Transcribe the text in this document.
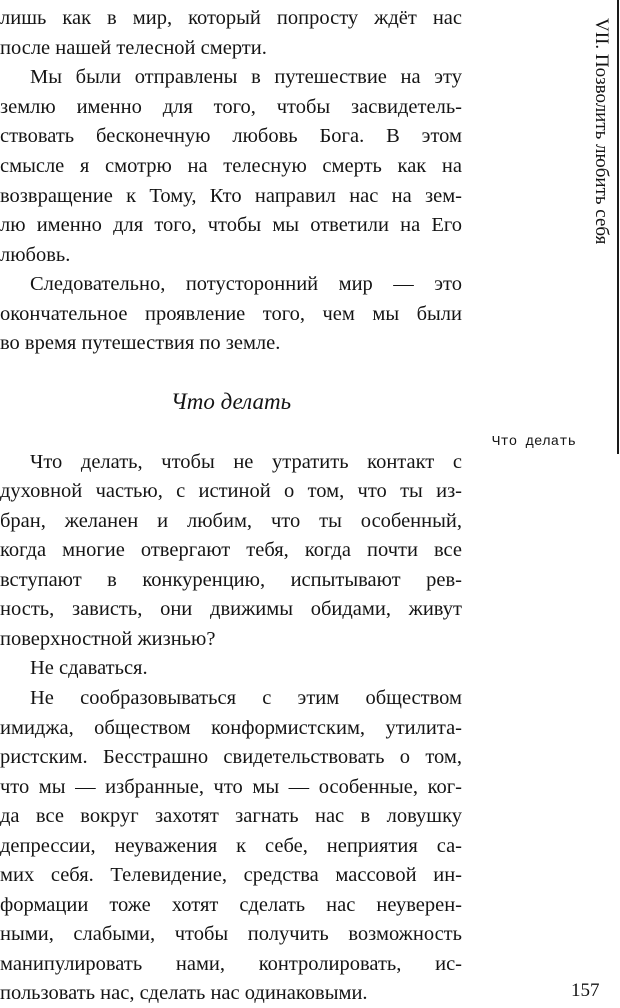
лишь как в мир, который попросту ждёт нас
после нашей телесной смерти.
Мы были отправлены в путешествие на эту
землю именно для того, чтобы засвидетель-
ствовать бесконечную любовь Бога. В этом
смысле я смотрю на телесную смерть как на
возвращение к Тому, Кто направил нас на зем-
лю именно для того, чтобы мы ответили на Его
любовь.
Следовательно, потусторонний мир — это
окончательное проявление того, чем мы были
во время путешествия по земле.
Что делать
Что делать, чтобы не утратить контакт с
духовной частью, с истиной о том, что ты из-
бран, желанен и любим, что ты особенный,
когда многие отвергают тебя, когда почти все
вступают в конкуренцию, испытывают рев-
ность, зависть, они движимы обидами, живут
поверхностной жизнью?
Не сдаваться.
Не сообразовываться с этим обществом
имиджа, обществом конформистским, утилита-
ристским. Бесстрашно свидетельствовать о том,
что мы — избранные, что мы — особенные, ког-
да все вокруг захотят загнать нас в ловушку
депрессии, неуважения к себе, неприятия са-
мих себя. Телевидение, средства массовой ин-
формации тоже хотят сделать нас неуверен-
ными, слабыми, чтобы получить возможность
манипулировать нами, контролировать, ис-
пользовать нас, сделать нас одинаковыми.
VII. Позволить любить себя
Что делать
157
